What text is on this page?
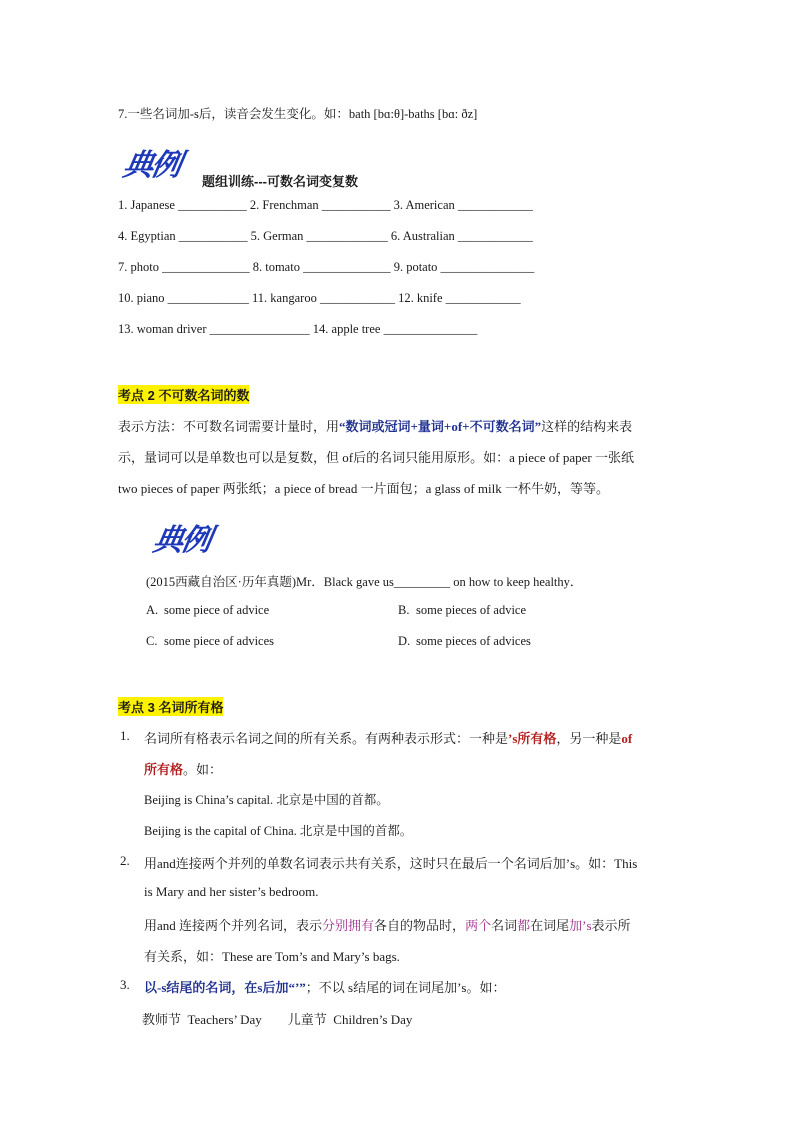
7.一些名词加-s后，读音会发生变化。如：bath [bɑ:θ]-baths [bɑ: ðz]
典例 题组训练---可数名词变复数
1. Japanese ___________ 2. Frenchman ___________ 3. American ____________
4. Egyptian ___________ 5. German _____________ 6. Australian ____________
7. photo ______________ 8. tomato ______________ 9. potato _______________
10. piano _____________ 11. kangaroo ____________ 12. knife ____________
13. woman driver ________________ 14. apple tree _______________
考点 2 不可数名词的数
表示方法：不可数名词需要计量时，用“数词或冠词+量词+of+不可数名词”这样的结构来表
示，量词可以是单数也可以是复数，但 of后的名词只能用原形。如：a piece of paper 一张纸
two pieces of paper 两张纸；a piece of bread 一片面包；a glass of milk 一杯牛奶，等等。
典例
(2015西藏自治区·历年真题)Mr．Black gave us_________ on how to keep healthy．
A. some piece of advice	B. some pieces of advice
C. some piece of advices	D. some pieces of advices
考点 3 名词所有格
1. 名词所有格表示名词之间的所有关系。有两种表示形式：一种是’s所有格，另一种是of
所有格。如：
Beijing is China’s capital. 北京是中国的首都。
Beijing is the capital of China. 北京是中国的首都。
2. 用and连接两个并列的单数名词表示共有关系，这时只在最后一个名词后加’s。如：This
is Mary and her sister’s bedroom.
用and 连接两个并列名词，表示分别拥有各自的物品时，两个名词都在词尾加’s表示所
有关系，如：These are Tom’s and Mary’s bags.
3. 以-s结尾的名词，在s后加“’”；不以 s结尾的词在词尾加’s。如：
教师节  Teachers’ Day        儿童节  Children’s Day
